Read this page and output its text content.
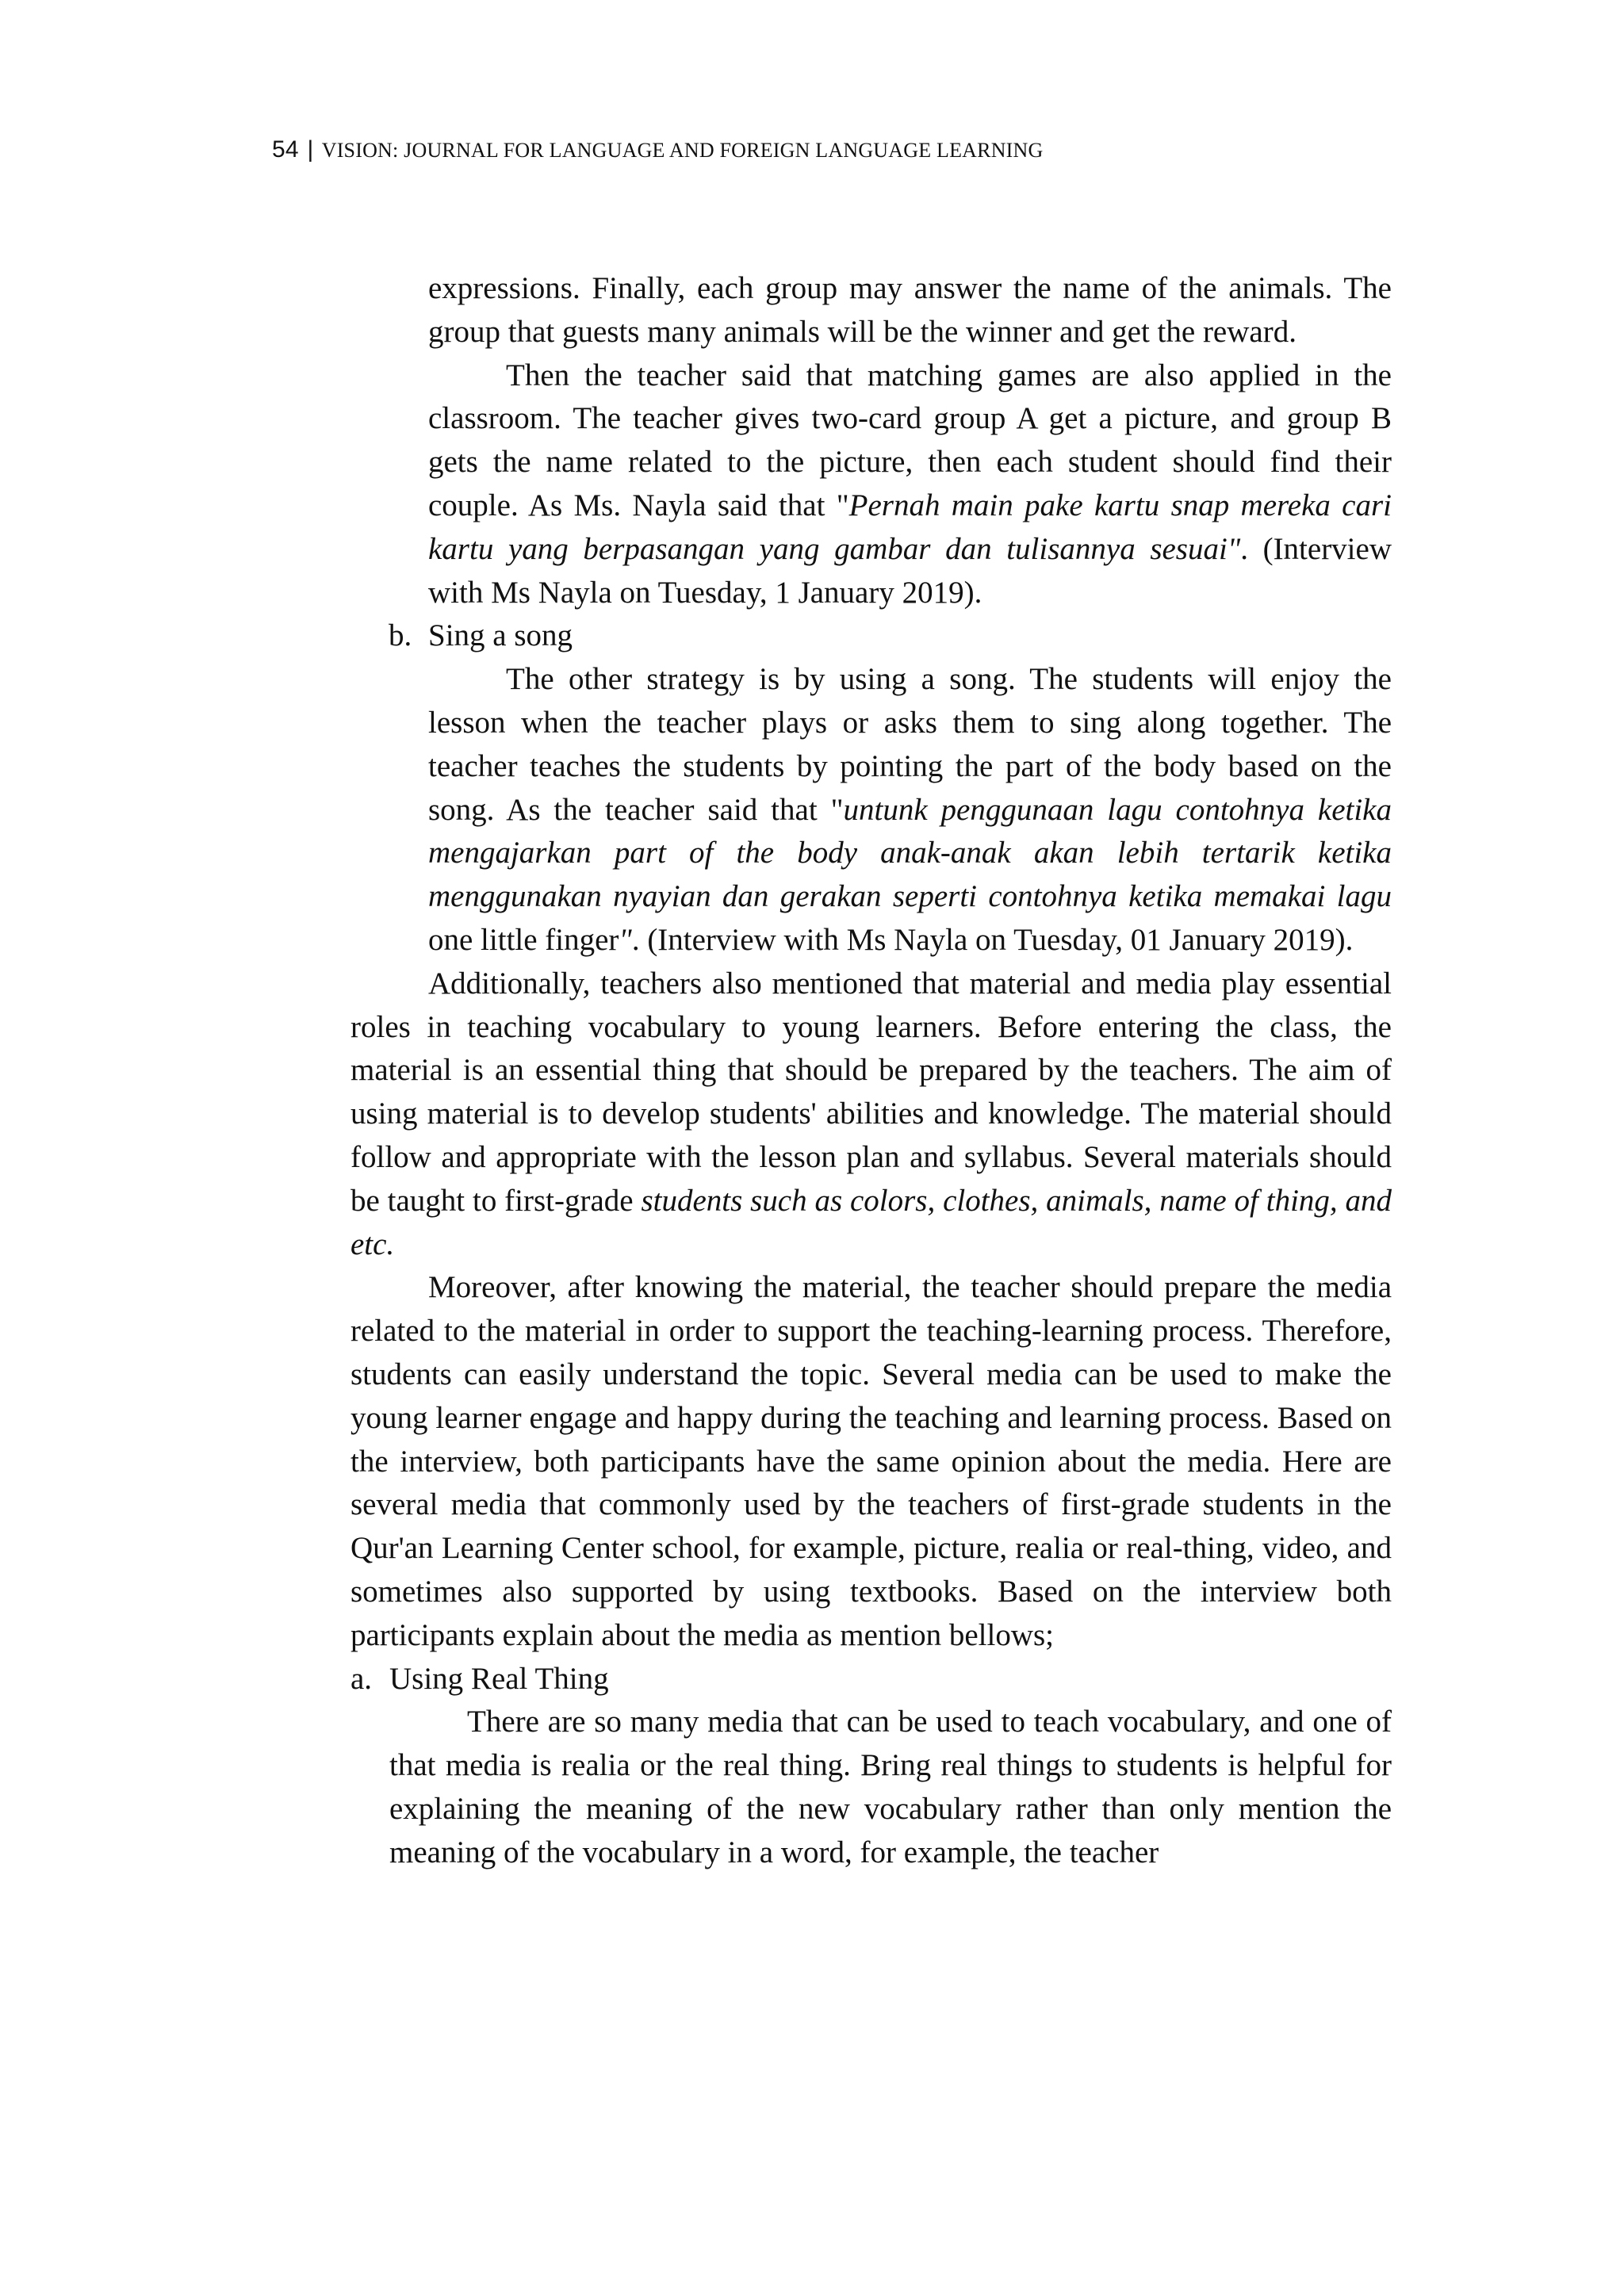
54 | VISION: JOURNAL FOR LANGUAGE AND FOREIGN LANGUAGE LEARNING

expressions. Finally, each group may answer the name of the animals. The group that guests many animals will be the winner and get the reward.

Then the teacher said that matching games are also applied in the classroom. The teacher gives two-card group A get a picture, and group B gets the name related to the picture, then each student should find their couple. As Ms. Nayla said that "Pernah main pake kartu snap mereka cari kartu yang berpasangan yang gambar dan tulisannya sesuai". (Interview with Ms Nayla on Tuesday, 1 January 2019).

b. Sing a song

The other strategy is by using a song. The students will enjoy the lesson when the teacher plays or asks them to sing along together. The teacher teaches the students by pointing the part of the body based on the song. As the teacher said that "untunk penggunaan lagu contohnya ketika mengajarkan part of the body anak-anak akan lebih tertarik ketika menggunakan nyayian dan gerakan seperti contohnya ketika memakai lagu one little finger". (Interview with Ms Nayla on Tuesday, 01 January 2019).

Additionally, teachers also mentioned that material and media play essential roles in teaching vocabulary to young learners. Before entering the class, the material is an essential thing that should be prepared by the teachers. The aim of using material is to develop students' abilities and knowledge. The material should follow and appropriate with the lesson plan and syllabus. Several materials should be taught to first-grade students such as colors, clothes, animals, name of thing, and etc.

Moreover, after knowing the material, the teacher should prepare the media related to the material in order to support the teaching-learning process. Therefore, students can easily understand the topic. Several media can be used to make the young learner engage and happy during the teaching and learning process. Based on the interview, both participants have the same opinion about the media. Here are several media that commonly used by the teachers of first-grade students in the Qur'an Learning Center school, for example, picture, realia or real-thing, video, and sometimes also supported by using textbooks. Based on the interview both participants explain about the media as mention bellows;

a. Using Real Thing

There are so many media that can be used to teach vocabulary, and one of that media is realia or the real thing. Bring real things to students is helpful for explaining the meaning of the new vocabulary rather than only mention the meaning of the vocabulary in a word, for example, the teacher
